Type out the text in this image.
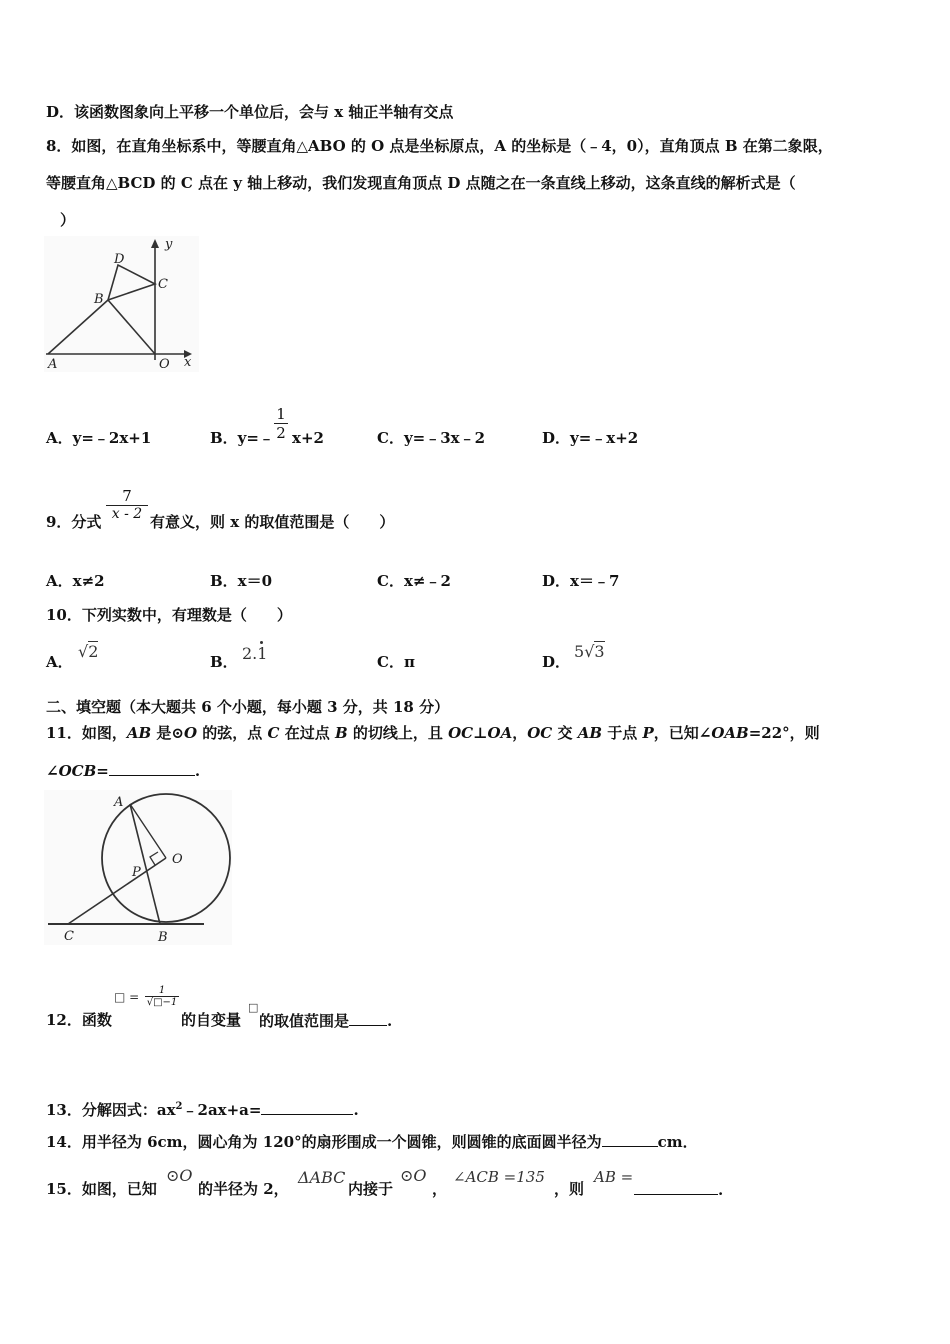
D．该函数图象向上平移一个单位后，会与 x 轴正半轴有交点
8．如图，在直角坐标系中，等腰直角△ABO 的 O 点是坐标原点，A 的坐标是（﹣4，0），直角顶点 B 在第二象限，
等腰直角△BCD 的 C 点在 y 轴上移动，我们发现直角顶点 D 点随之在一条直线上移动，这条直线的解析式是（
）
D
y
C
B
A	O x
A．y=﹣2x+1	B．y=﹣
1
2 x+2	C．y=﹣3x﹣2	D．y=﹣x+2
9．分式
7
x - 2 有意义，则 x 的取值范围是（　　）
A．x≠2	B．x＝0	C．x≠﹣2	D．x＝﹣7
10．下列实数中，有理数是（　　）
A．
√2
B． 2.1	C．π	D．
5√3
二、填空题（本大题共 6 个小题，每小题 3 分，共 18 分）
11．如图，AB 是⊙O 的弦，点 C 在过点 B 的切线上，且 OC⊥OA，OC 交 AB 于点 P，已知∠OAB=22°，则
∠OCB=	.
A
O
P
C	B
12．函数
□ =	1
√□−1
的自变量
□
的取值范围是	.
13．分解因式：$ax^2﹣2ax+a=$	.
14．用半径为 6cm，圆心角为 120°的扇形围成一个圆锥，则圆锥的底面圆半径为	cm．
15．如图，已知
⊙O
的半径为 2，
ΔABC
内接于
⊙O
，
∠ACB =135
，则
AB =
.
